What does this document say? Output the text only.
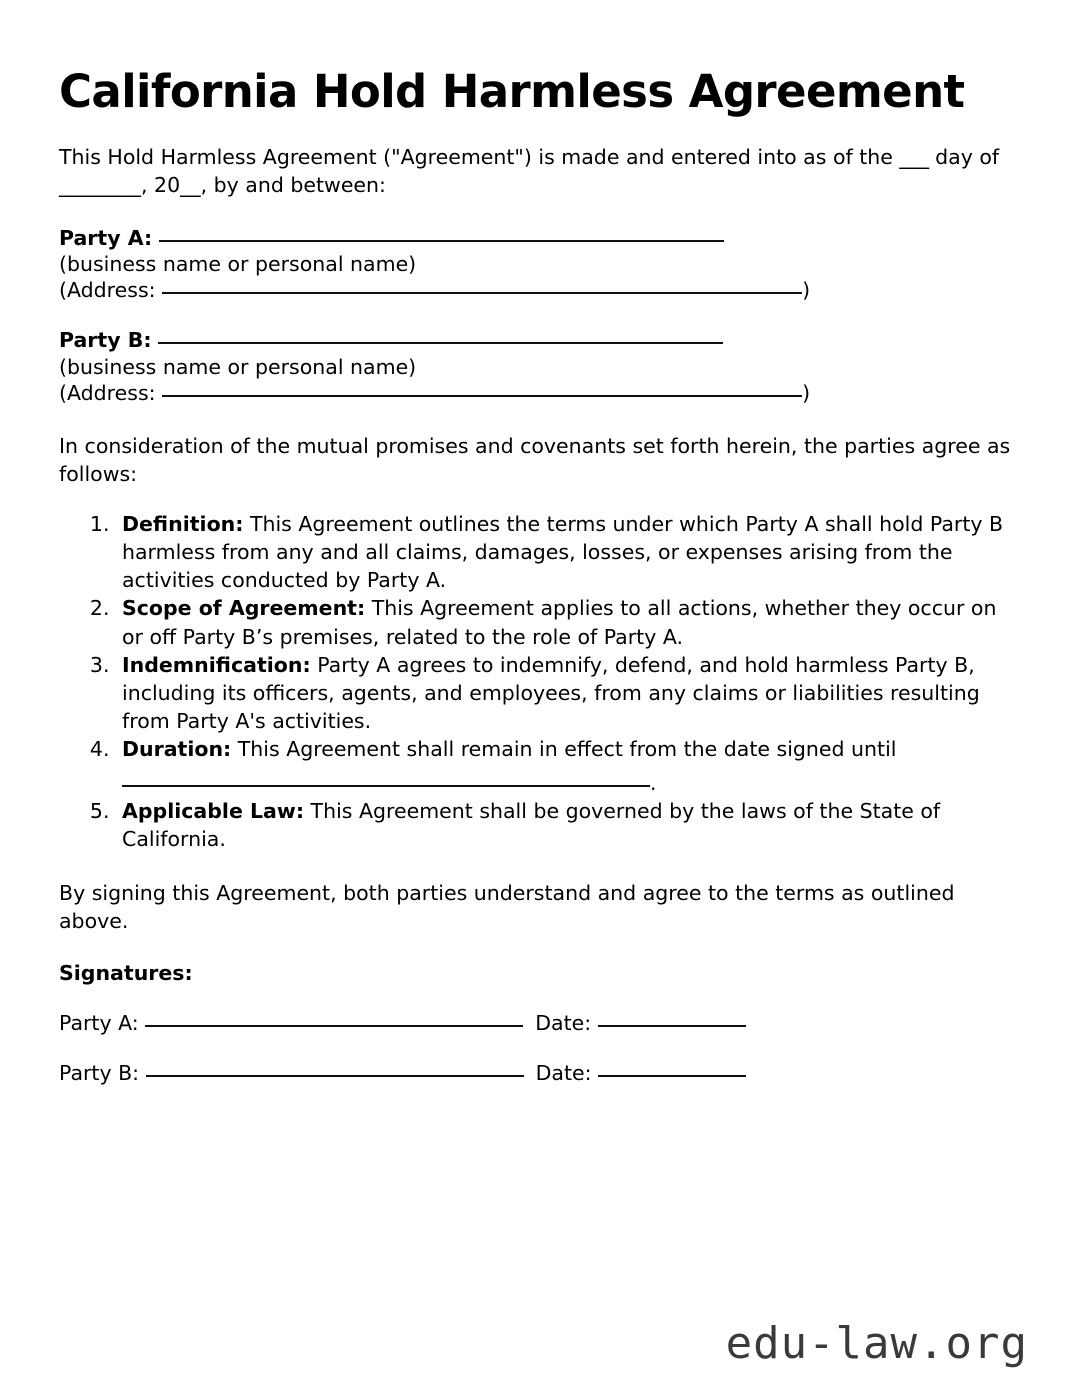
California Hold Harmless Agreement

This Hold Harmless Agreement ("Agreement") is made and entered into as of the ___ day of ________, 20__, by and between:

Party A:
(business name or personal name)
(Address:	)
Party B:
(business name or personal name)
(Address:	)

In consideration of the mutual promises and covenants set forth herein, the parties agree as follows:

1. Definition: This Agreement outlines the terms under which Party A shall hold Party B harmless from any and all claims, damages, losses, or expenses arising from the activities conducted by Party A.
2. Scope of Agreement: This Agreement applies to all actions, whether they occur on or off Party B’s premises, related to the role of Party A.
3. Indemnification: Party A agrees to indemnify, defend, and hold harmless Party B, including its officers, agents, and employees, from any claims or liabilities resulting from Party A's activities.
4. Duration: This Agreement shall remain in effect from the date signed until
.
5. Applicable Law: This Agreement shall be governed by the laws of the State of California.

By signing this Agreement, both parties understand and agree to the terms as outlined above.

Signatures:

Party A:	Date:
Party B:	Date:
edu-law.org
